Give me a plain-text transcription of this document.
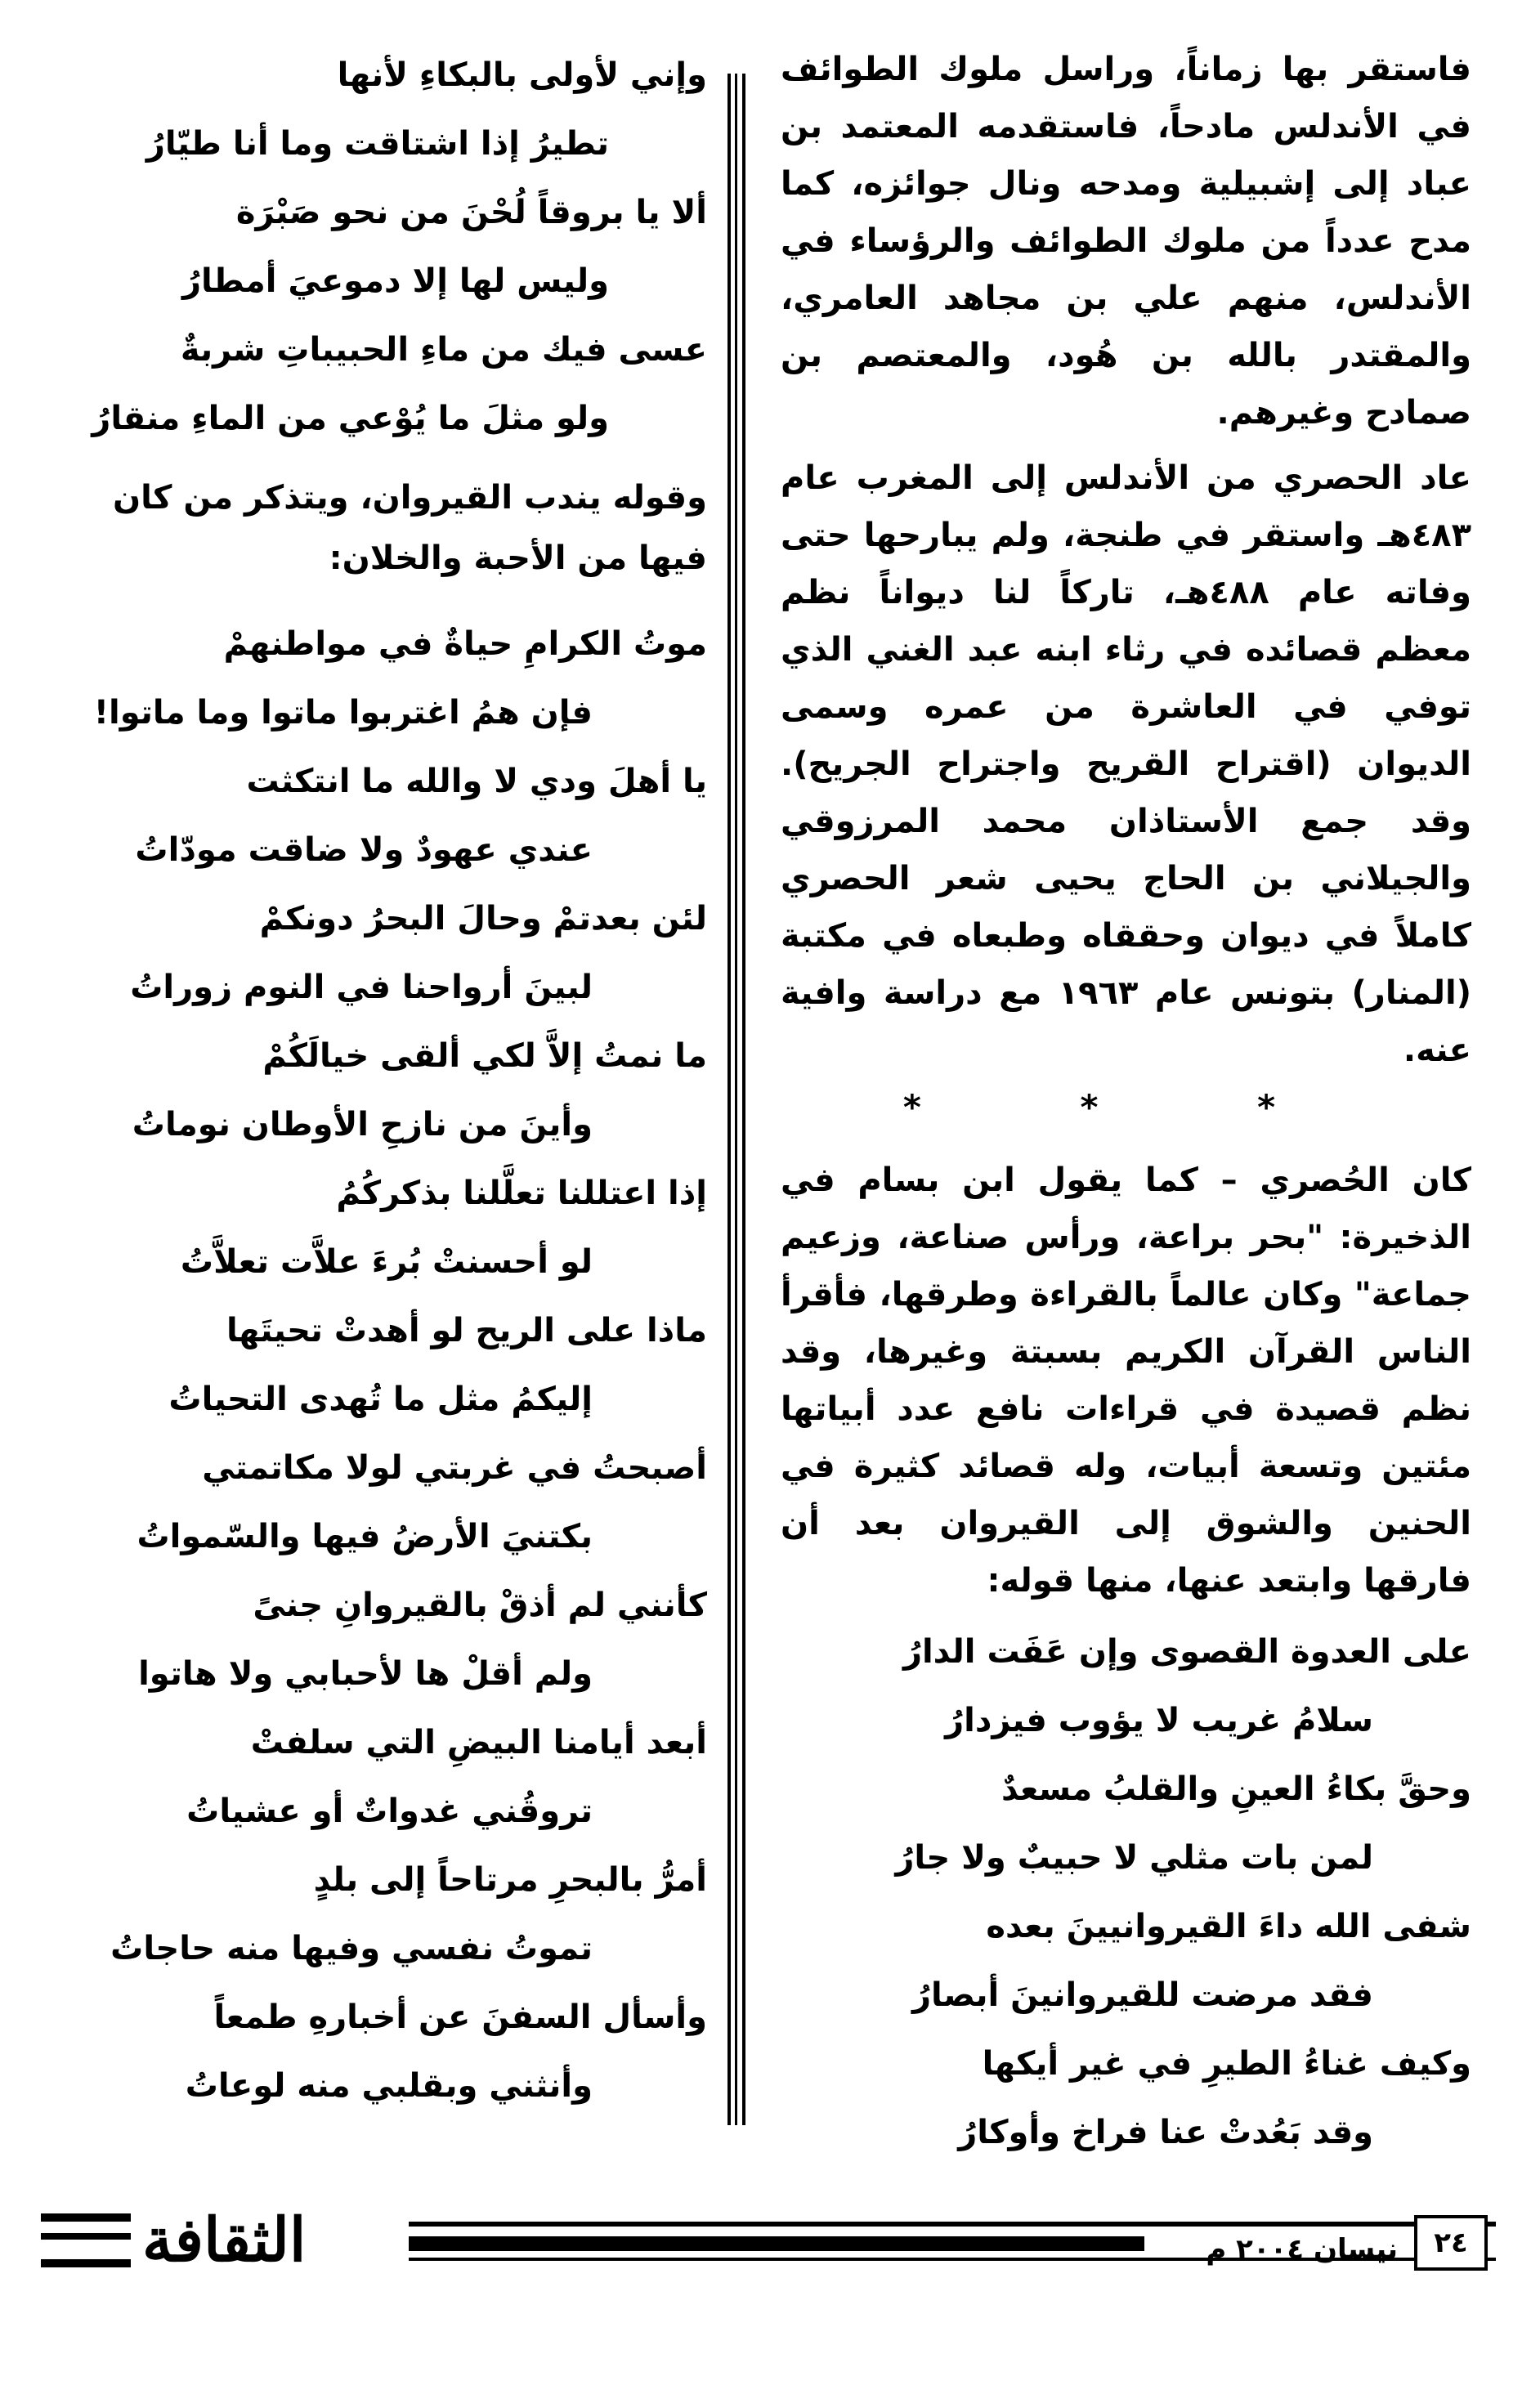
فاستقر بها زماناً، وراسل ملوك الطوائف في الأندلس مادحاً، فاستقدمه المعتمد بن عباد إلى إشبيلية ومدحه ونال جوائزه، كما مدح عدداً من ملوك الطوائف والرؤساء في الأندلس، منهم علي بن مجاهد العامري، والمقتدر بالله بن هُود، والمعتصم بن صمادح وغيرهم.

عاد الحصري من الأندلس إلى المغرب عام ٤٨٣هـ واستقر في طنجة، ولم يبارحها حتى وفاته عام ٤٨٨هـ، تاركاً لنا ديواناً نظم معظم قصائده في رثاء ابنه عبد الغني الذي توفي في العاشرة من عمره وسمى الديوان (اقتراح القريح واجتراح الجريح). وقد جمع الأستاذان محمد المرزوقي والجيلاني بن الحاج يحيى شعر الحصري كاملاً في ديوان وحققاه وطبعاه في مكتبة (المنار) بتونس عام ١٩٦٣ مع دراسة وافية عنه.

* * *

كان الحُصري – كما يقول ابن بسام في الذخيرة: "بحر براعة، ورأس صناعة، وزعيم جماعة" وكان عالماً بالقراءة وطرقها، فأقرأ الناس القرآن الكريم بسبتة وغيرها، وقد نظم قصيدة في قراءات نافع عدد أبياتها مئتين وتسعة أبيات، وله قصائد كثيرة في الحنين والشوق إلى القيروان بعد أن فارقها وابتعد عنها، منها قوله:

على العدوة القصوى وإن عَفَت الدارُ
سلامُ غريب لا يؤوب فيزدارُ
وحقَّ بكاءُ العينِ والقلبُ مسعدٌ
لمن بات مثلي لا حبيبٌ ولا جارُ
شفى الله داءَ القيروانيينَ بعده
فقد مرضت للقيروانينَ أبصارُ
وكيف غناءُ الطيرِ في غير أيكها
وقد بَعُدتْ عنا فراخ وأوكارُ
وإني لأولى بالبكاءِ لأنها
تطيرُ إذا اشتاقت وما أنا طيّارُ
ألا يا بروقاً لُحْنَ من نحو صَبْرَة
وليس لها إلا دموعيَ أمطارُ
عسى فيك من ماءِ الحبيباتِ شربةٌ
ولو مثلَ ما يُوْعي من الماءِ منقارُ

وقوله يندب القيروان، ويتذكر من كان فيها من الأحبة والخلان:

موتُ الكرامِ حياةٌ في مواطنهمْ
فإن همُ اغتربوا ماتوا وما ماتوا!
يا أهلَ ودي لا والله ما انتكثت
عندي عهودٌ ولا ضاقت مودّاتُ
لئن بعدتمْ وحالَ البحرُ دونكمْ
لبينَ أرواحنا في النوم زوراتُ
ما نمتُ إلاَّ لكي ألقى خيالَكُمْ
وأينَ من نازحِ الأوطان نوماتُ
إذا اعتللنا تعلَّلنا بذكركُمُ
لو أحسنتْ بُرءَ علاَّت تعلاَّتُ
ماذا على الريح لو أهدتْ تحيتَها
إليكمُ مثل ما تُهدى التحياتُ
أصبحتُ في غربتي لولا مكاتمتي
بكتنيَ الأرضُ فيها والسّمواتُ
كأنني لم أذقْ بالقيروانِ جنىً
ولم أقلْ ها لأحبابي ولا هاتوا
أبعد أيامنا البيضِ التي سلفتْ
تروقُني غدواتٌ أو عشياتُ
أمرُّ بالبحرِ مرتاحاً إلى بلدٍ
تموتُ نفسي وفيها منه حاجاتُ
وأسأل السفنَ عن أخبارهِ طمعاً
وأنثني وبقلبي منه لوعاتُ
الثقافة	نيسان ٢٠٠٤ م	٢٤
